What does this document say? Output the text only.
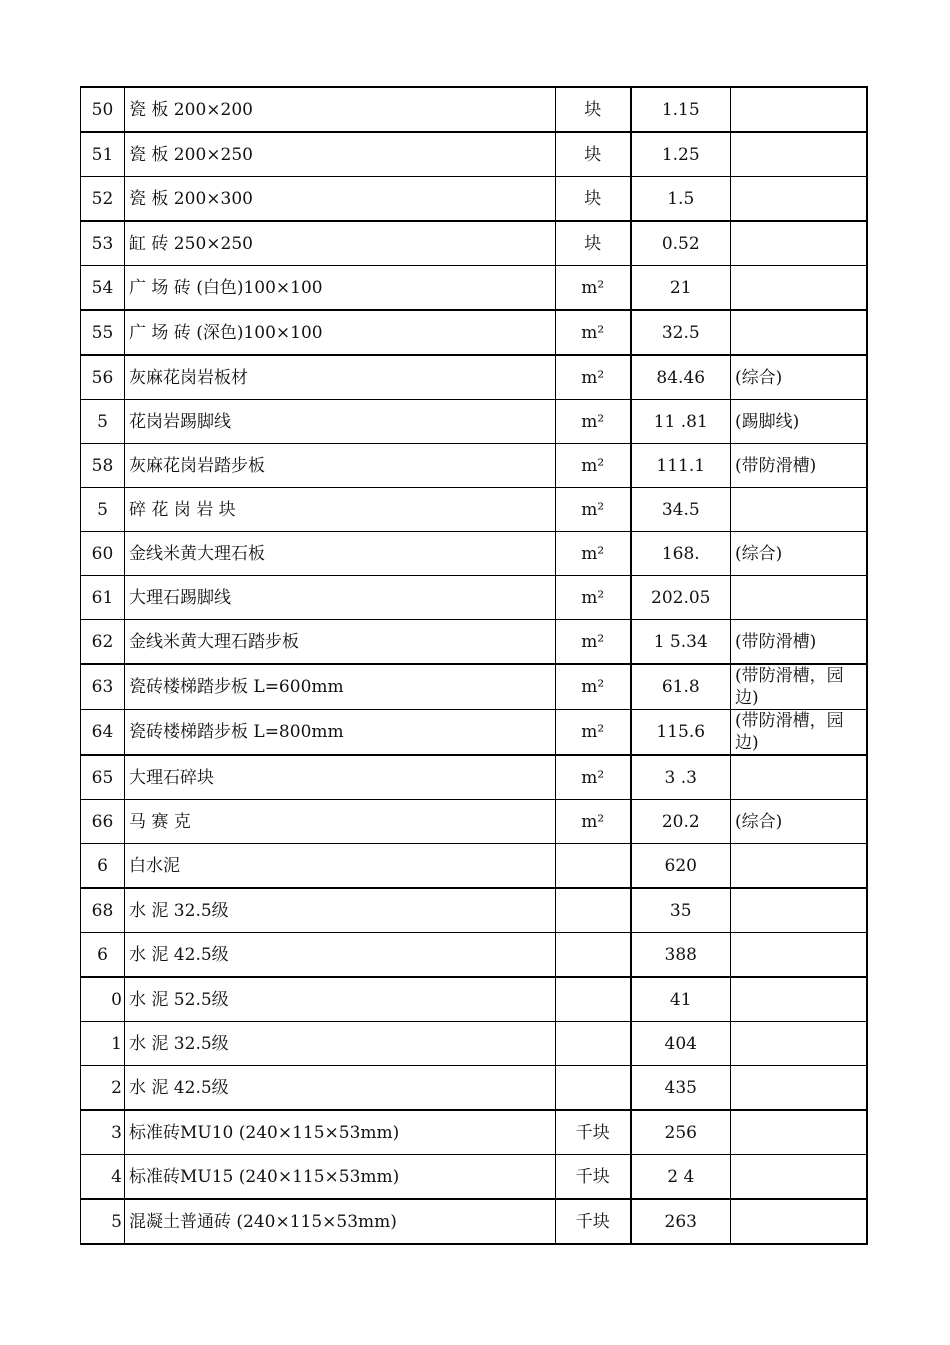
50	瓷 板 200×200	块	1.15	
51	瓷 板 200×250	块	1.25	
52	瓷 板 200×300	块	1.5	
53	缸 砖 250×250	块	0.52	
54	广 场 砖 (白色)100×100	m²	21	
55	广 场 砖 (深色)100×100	m²	32.5	
56	灰麻花岗岩板材	m²	84.46	(综合)
5	花岗岩踢脚线	m²	11 .81	(踢脚线)
58	灰麻花岗岩踏步板	m²	111.1	(带防滑槽)
5	碎 花 岗 岩 块	m²	34.5	
60	金线米黄大理石板	m²	168.	(综合)
61	大理石踢脚线	m²	202.05	
62	金线米黄大理石踏步板	m²	1 5.34	(带防滑槽)
63	瓷砖楼梯踏步板 L=600mm	m²	61.8	(带防滑槽，园边)
64	瓷砖楼梯踏步板 L=800mm	m²	115.6	(带防滑槽，园边)
65	大理石碎块	m²	3 .3	
66	马 赛 克	m²	20.2	(综合)
6	白水泥		620	
68	水 泥 32.5级		35	
6	水 泥 42.5级		388	
0	水 泥 52.5级		41	
1	水 泥 32.5级		404	
2	水 泥 42.5级		435	
3	标准砖MU10 (240×115×53mm)	千块	256	
4	标准砖MU15 (240×115×53mm)	千块	2 4	
5	混凝土普通砖 (240×115×53mm)	千块	263	
